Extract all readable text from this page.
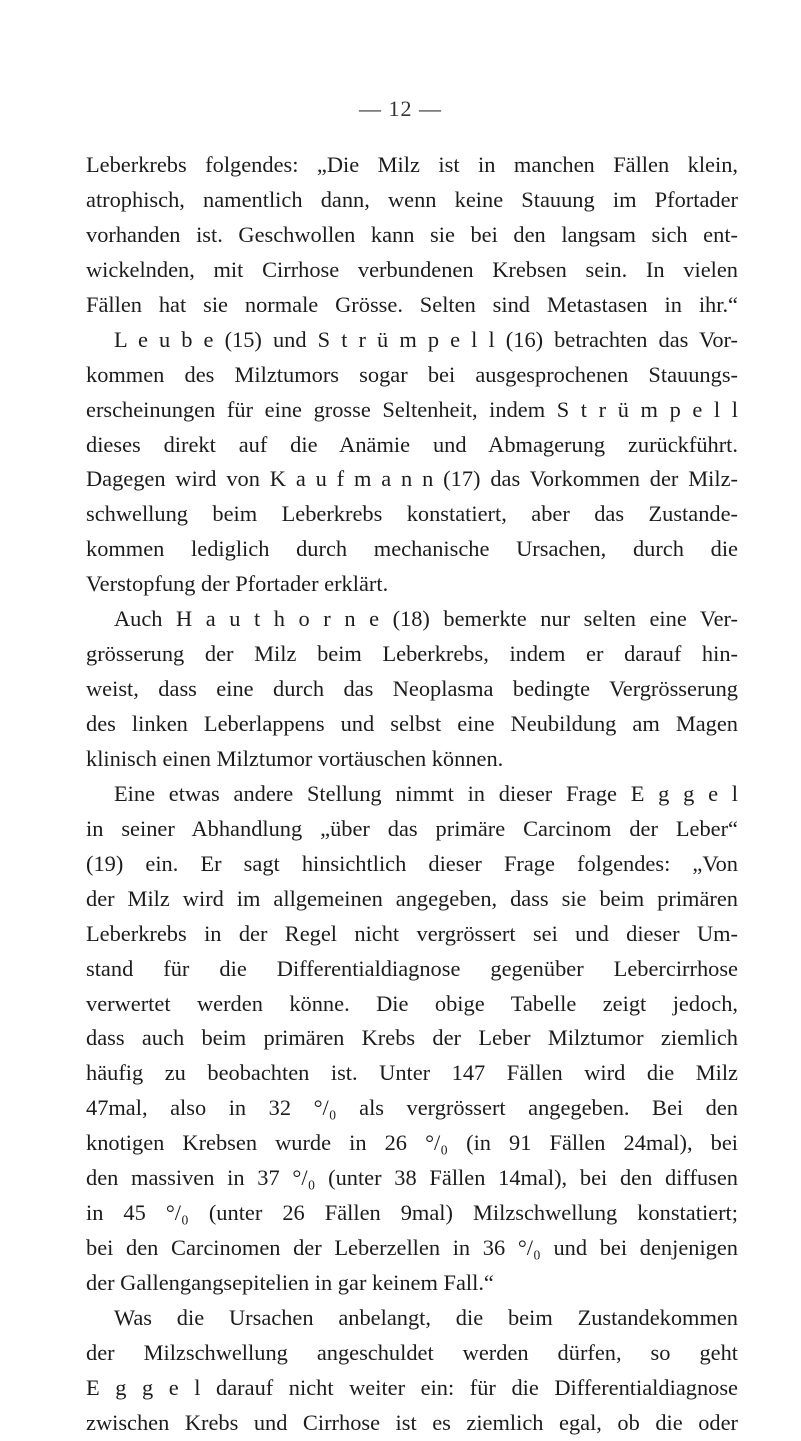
— 12 —
Leberkrebs folgendes: „Die Milz ist in manchen Fällen klein,
atrophisch, namentlich dann, wenn keine Stauung im Pfortader
vorhanden ist. Geschwollen kann sie bei den langsam sich ent-
wickelnden, mit Cirrhose verbundenen Krebsen sein. In vielen
Fällen hat sie normale Grösse. Selten sind Metastasen in ihr.“
L e u b e (15) und S t r ü m p e l l (16) betrachten das Vor-
kommen des Milztumors sogar bei ausgesprochenen Stauungs-
erscheinungen für eine grosse Seltenheit, indem S t r ü m p e l l
dieses direkt auf die Anämie und Abmagerung zurückführt.
Dagegen wird von K a u f m a n n (17) das Vorkommen der Milz-
schwellung beim Leberkrebs konstatiert, aber das Zustande-
kommen lediglich durch mechanische Ursachen, durch die
Verstopfung der Pfortader erklärt.
Auch H a u t h o r n e (18) bemerkte nur selten eine Ver-
grösserung der Milz beim Leberkrebs, indem er darauf hin-
weist, dass eine durch das Neoplasma bedingte Vergrösserung
des linken Leberlappens und selbst eine Neubildung am Magen
klinisch einen Milztumor vortäuschen können.
Eine etwas andere Stellung nimmt in dieser Frage E g g e l
in seiner Abhandlung „über das primäre Carcinom der Leber“
(19) ein. Er sagt hinsichtlich dieser Frage folgendes: „Von
der Milz wird im allgemeinen angegeben, dass sie beim primären
Leberkrebs in der Regel nicht vergrössert sei und dieser Um-
stand für die Differentialdiagnose gegenüber Lebercirrhose
verwertet werden könne. Die obige Tabelle zeigt jedoch,
dass auch beim primären Krebs der Leber Milztumor ziemlich
häufig zu beobachten ist. Unter 147 Fällen wird die Milz
47mal, also in 32 °/₀ als vergrössert angegeben. Bei den
knotigen Krebsen wurde in 26 °/₀ (in 91 Fällen 24mal), bei
den massiven in 37 °/₀ (unter 38 Fällen 14mal), bei den diffusen
in 45 °/₀ (unter 26 Fällen 9mal) Milzschwellung konstatiert;
bei den Carcinomen der Leberzellen in 36 °/₀ und bei denjenigen
der Gallengangsepitelien in gar keinem Fall.“
Was die Ursachen anbelangt, die beim Zustandekommen
der Milzschwellung angeschuldet werden dürfen, so geht
E g g e l darauf nicht weiter ein: für die Differentialdiagnose
zwischen Krebs und Cirrhose ist es ziemlich egal, ob die oder
